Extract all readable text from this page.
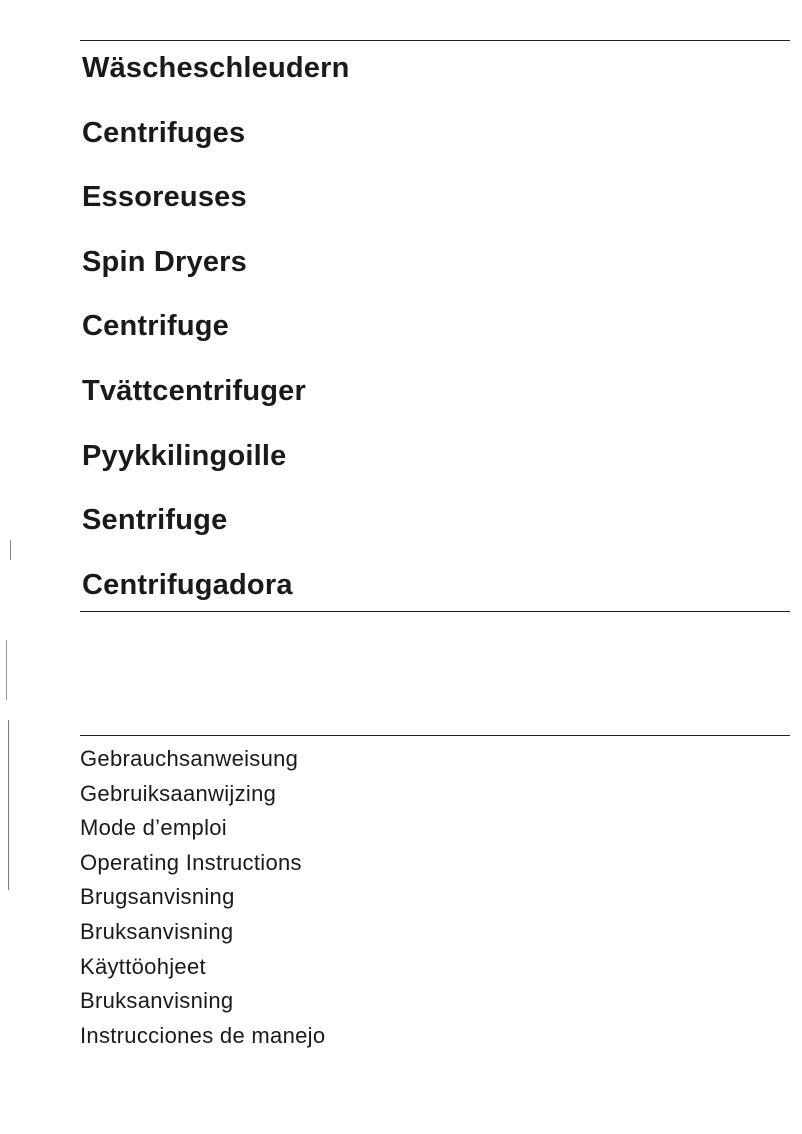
Wäscheschleudern
Centrifuges
Essoreuses
Spin Dryers
Centrifuge
Tvättcentrifuger
Pyykkilingoille
Sentrifuge
Centrifugadora
Gebrauchsanweisung
Gebruiksaanwijzing
Mode d’emploi
Operating Instructions
Brugsanvisning
Bruksanvisning
Käyttöohjeet
Bruksanvisning
Instrucciones de manejo
